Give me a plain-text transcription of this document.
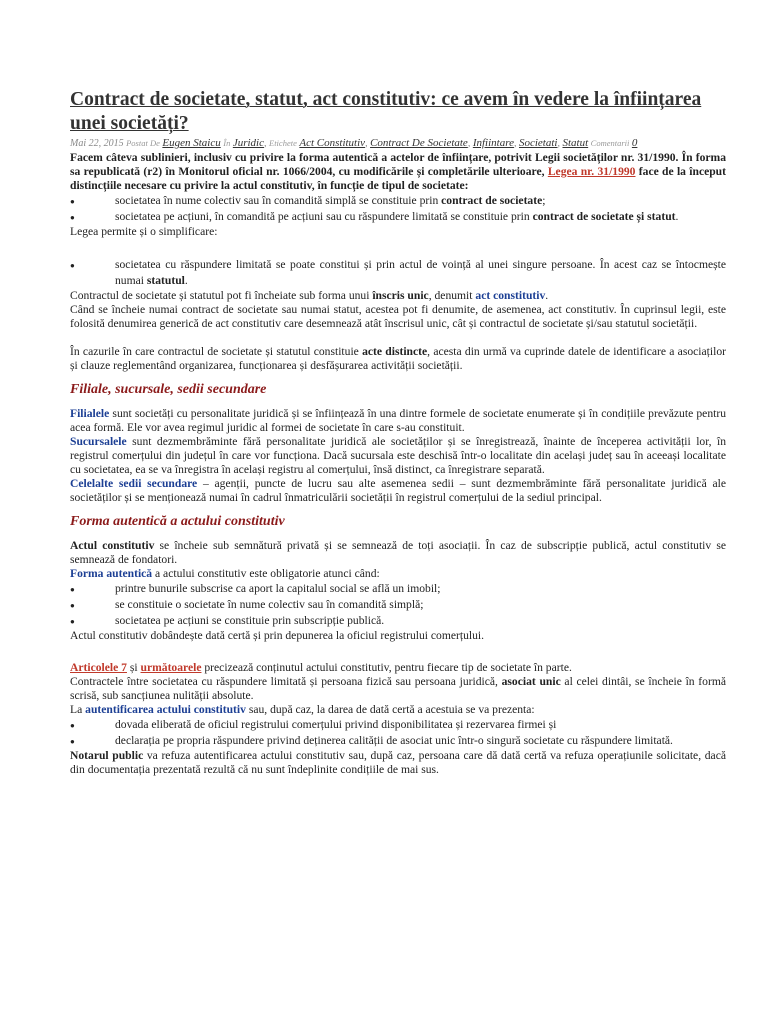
Contract de societate, statut, act constitutiv: ce avem în vedere la înființarea unei societăți?
Mai 22, 2015 Postat De Eugen Staicu În Juridic, Etichete Act Constitutiv, Contract De Societate, Infiintare, Societati, Statut Comentarii 0

Facem câteva sublinieri, inclusiv cu privire la forma autentică a actelor de înființare, potrivit Legii societăților nr. 31/1990. În forma sa republicată (r2) în Monitorul oficial nr. 1066/2004, cu modificările și completările ulterioare, Legea nr. 31/1990 face de la început distincțiile necesare cu privire la actul constitutiv, în funcție de tipul de societate:

●
societatea în nume colectiv sau în comandită simplă se constituie prin contract de societate;
●
societatea pe acțiuni, în comandită pe acțiuni sau cu răspundere limitată se constituie prin contract de societate și statut.

Legea permite și o simplificare:

●
societatea cu răspundere limitată se poate constitui și prin actul de voință al unei singure persoane. În acest caz se întocmește numai statutul.

Contractul de societate și statutul pot fi încheiate sub forma unui înscris unic, denumit act constitutiv.

Când se încheie numai contract de societate sau numai statut, acestea pot fi denumite, de asemenea, act constitutiv. În cuprinsul legii, este folosită denumirea generică de act constitutiv care desemnează atât înscrisul unic, cât și contractul de societate și/sau statutul societății.

În cazurile în care contractul de societate și statutul constituie acte distincte, acesta din urmă va cuprinde datele de identificare a asociaților și clauze reglementând organizarea, funcționarea și desfășurarea activității societății.

Filiale, sucursale, sedii secundare

Filialele sunt societăți cu personalitate juridică și se înființează în una dintre formele de societate enumerate și în condițiile prevăzute pentru acea formă. Ele vor avea regimul juridic al formei de societate în care s-au constituit.

Sucursalele sunt dezmembrăminte fără personalitate juridică ale societăților și se înregistrează, înainte de începerea activității lor, în registrul comerțului din județul în care vor funcționa. Dacă sucursala este deschisă într-o localitate din același județ sau în aceeași localitate cu societatea, ea se va înregistra în același registru al comerțului, însă distinct, ca înregistrare separată.

Celelalte sedii secundare – agenții, puncte de lucru sau alte asemenea sedii – sunt dezmembrăminte fără personalitate juridică ale societăților și se menționează numai în cadrul înmatriculării societății în registrul comerțului de la sediul principal.

Forma autentică a actului constitutiv

Actul constitutiv se încheie sub semnătură privată și se semnează de toți asociații. În caz de subscripție publică, actul constitutiv se semnează de fondatori.

Forma autentică a actului constitutiv este obligatorie atunci când:

●
printre bunurile subscrise ca aport la capitalul social se află un imobil;
●
se constituie o societate în nume colectiv sau în comandită simplă;
●
societatea pe acțiuni se constituie prin subscripție publică.

Actul constitutiv dobândește dată certă și prin depunerea la oficiul registrului comerțului.

Articolele 7 și următoarele precizează conținutul actului constitutiv, pentru fiecare tip de societate în parte.

Contractele între societatea cu răspundere limitată și persoana fizică sau persoana juridică, asociat unic al celei dintâi, se încheie în formă scrisă, sub sancțiunea nulității absolute.

La autentificarea actului constitutiv sau, după caz, la darea de dată certă a acestuia se va prezenta:

●
dovada eliberată de oficiul registrului comerțului privind disponibilitatea și rezervarea firmei și
●
declarația pe propria răspundere privind deținerea calității de asociat unic într-o singură societate cu răspundere limitată.

Notarul public va refuza autentificarea actului constitutiv sau, după caz, persoana care dă dată certă va refuza operațiunile solicitate, dacă din documentația prezentată rezultă că nu sunt îndeplinite condițiile de mai sus.
